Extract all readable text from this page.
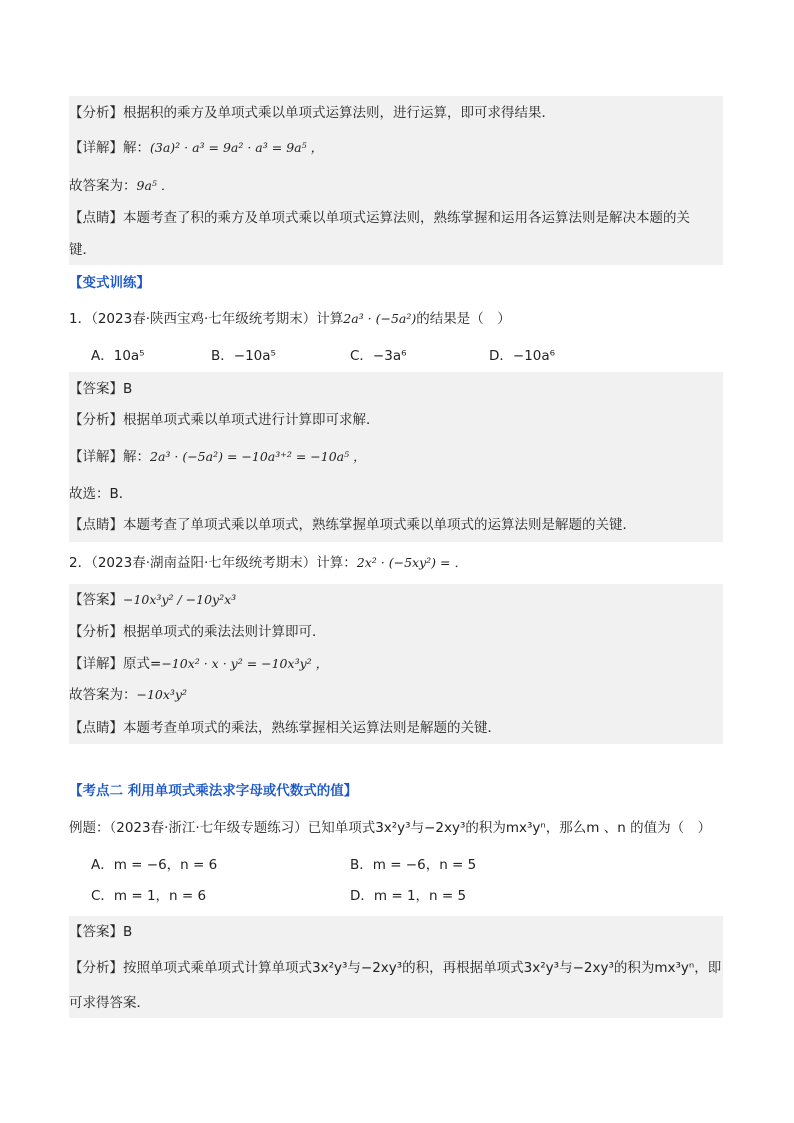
【分析】根据积的乘方及单项式乘以单项式运算法则，进行运算，即可求得结果．
【详解】解：(3a)² · a³ = 9a² · a³ = 9a⁵ ，
故答案为：9a⁵ ．
【点睛】本题考查了积的乘方及单项式乘以单项式运算法则，熟练掌握和运用各运算法则是解决本题的关
键．
【变式训练】
1．（2023春·陕西宝鸡·七年级统考期末）计算2a³ · (−5a²)的结果是（　）
A．10a⁵	B．−10a⁵	C．−3a⁶	D．−10a⁶
【答案】B
【分析】根据单项式乘以单项式进行计算即可求解．
【详解】解：2a³ · (−5a²) = −10a³⁺² = −10a⁵ ，
故选：B．
【点睛】本题考查了单项式乘以单项式，熟练掌握单项式乘以单项式的运算法则是解题的关键．
2．（2023春·湖南益阳·七年级统考期末）计算：2x² · (−5xy²) = ．
【答案】−10x³y² / −10y²x³
【分析】根据单项式的乘法法则计算即可．
【详解】原式=−10x² · x · y² = −10x³y² ，
故答案为：−10x³y²
【点睛】本题考查单项式的乘法，熟练掌握相关运算法则是解题的关键．
【考点二 利用单项式乘法求字母或代数式的值】
例题：（2023春·浙江·七年级专题练习）已知单项式3x²y³与−2xy³的积为mx³yⁿ，那么m 、n 的值为（　）
A．m = −6，n = 6	B．m = −6，n = 5
C．m = 1，n = 6	D．m = 1，n = 5
【答案】B
【分析】按照单项式乘单项式计算单项式3x²y³与−2xy³的积，再根据单项式3x²y³与−2xy³的积为mx³yⁿ，即
可求得答案．
